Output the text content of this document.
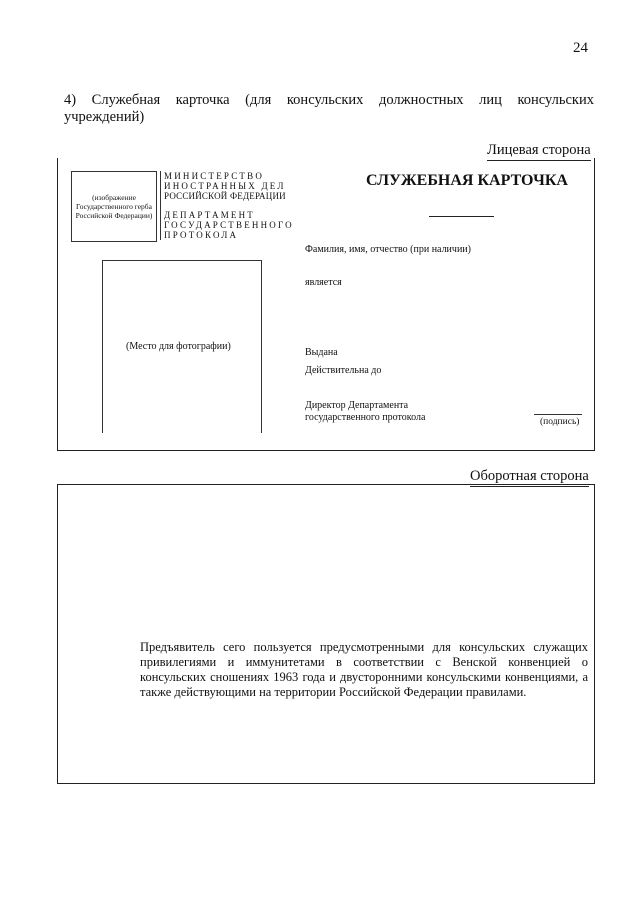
24
4) Служебная карточка (для консульских должностных лиц консульских учреждений)
Лицевая сторона
(изображение Государственного герба Российской Федерации)
МИНИСТЕРСТВО
ИНОСТРАННЫХ ДЕЛ
РОССИЙСКОЙ ФЕДЕРАЦИИ
ДЕПАРТАМЕНТ
ГОСУДАРСТВЕННОГО
ПРОТОКОЛА
СЛУЖЕБНАЯ КАРТОЧКА
(Место для фотографии)
Фамилия, имя, отчество (при наличии)
является
Выдана
Действительна до
Директор Департамента
государственного протокола	(подпись)
Оборотная сторона
Предъявитель сего пользуется предусмотренными для консульских служащих привилегиями и иммунитетами в соответствии с Венской конвенцией о консульских сношениях 1963 года и двусторонними консульскими конвенциями, а также действующими на территории Российской Федерации правилами.
